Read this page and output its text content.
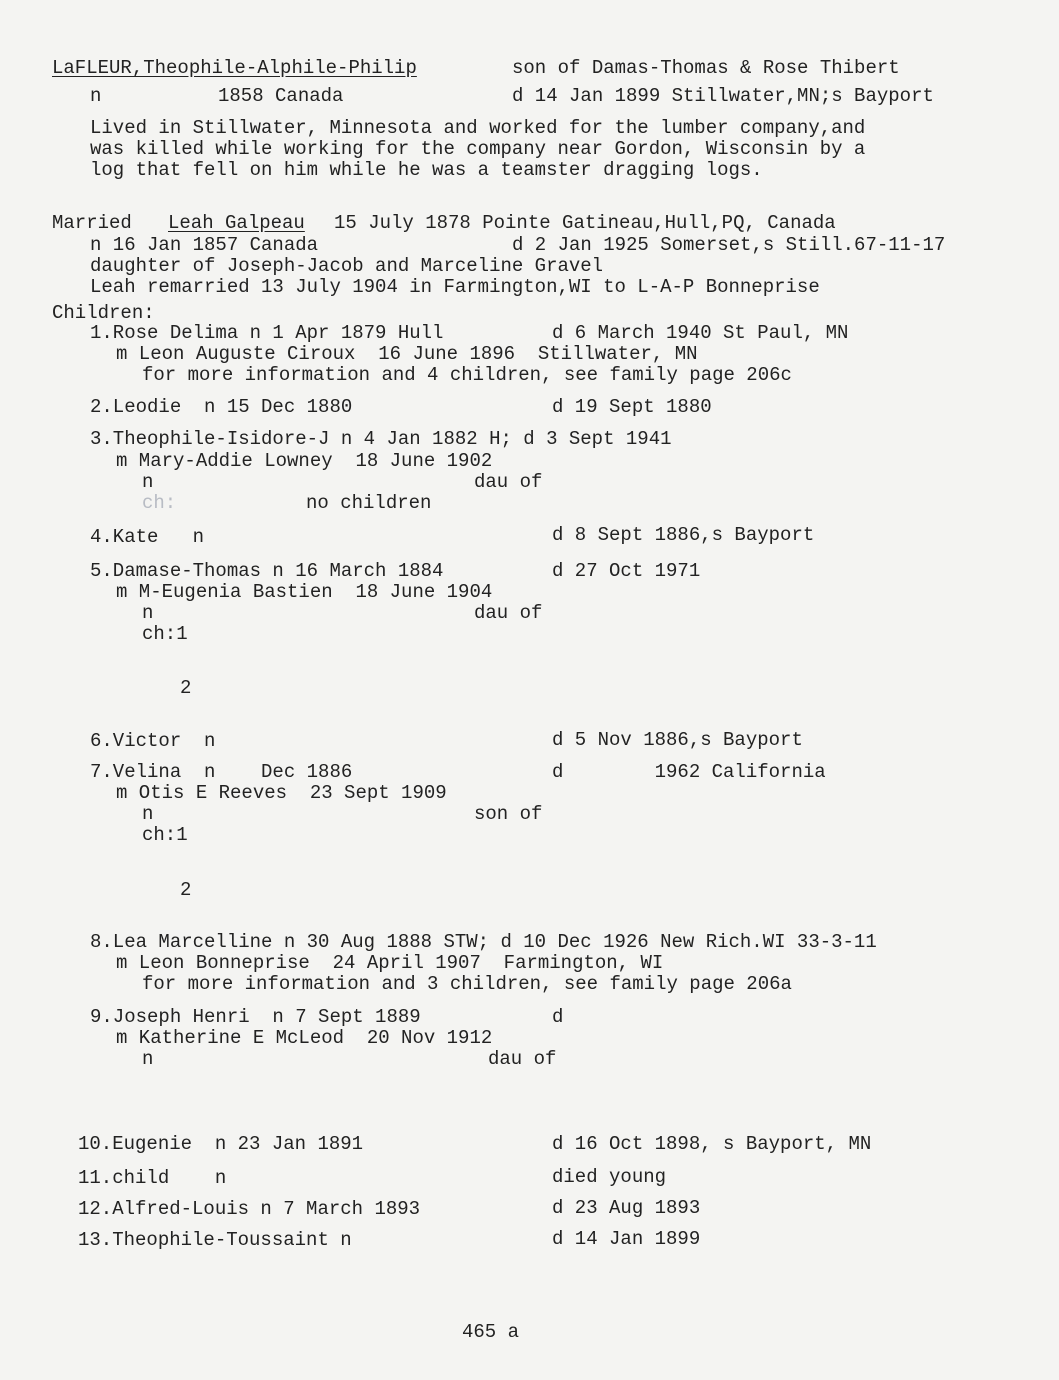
LaFLEUR,Theophile-Alphile-Philip	son of Damas-Thomas & Rose Thibert
n	1858 Canada	d 14 Jan 1899 Stillwater,MN;s Bayport
Lived in Stillwater, Minnesota and worked for the lumber company,and
was killed while working for the company near Gordon, Wisconsin by a
log that fell on him while he was a teamster dragging logs.
Married Leah Galpeau 15 July 1878 Pointe Gatineau,Hull,PQ, Canada
n 16 Jan 1857 Canada	d 2 Jan 1925 Somerset,s Still.67-11-17
daughter of Joseph-Jacob and Marceline Gravel
Leah remarried 13 July 1904 in Farmington,WI to L-A-P Bonneprise
Children:
1.Rose Delima n 1 Apr 1879 Hull	d 6 March 1940 St Paul, MN
m Leon Auguste Ciroux  16 June 1896  Stillwater, MN
for more information and 4 children, see family page 206c
2.Leodie  n 15 Dec 1880	d 19 Sept 1880
3.Theophile-Isidore-J n 4 Jan 1882 H; d 3 Sept 1941
m Mary-Addie Lowney  18 June 1902
n	dau of
ch:	no children
4.Kate   n	d 8 Sept 1886,s Bayport
5.Damase-Thomas n 16 March 1884	d 27 Oct 1971
m M-Eugenia Bastien  18 June 1904
n	dau of
ch:1
2
6.Victor  n	d 5 Nov 1886,s Bayport
7.Velina  n    Dec 1886	d        1962 California
m Otis E Reeves  23 Sept 1909
n	son of
ch:1
2
8.Lea Marcelline n 30 Aug 1888 STW; d 10 Dec 1926 New Rich.WI 33-3-11
m Leon Bonneprise  24 April 1907  Farmington, WI
for more information and 3 children, see family page 206a
9.Joseph Henri  n 7 Sept 1889	d
m Katherine E McLeod  20 Nov 1912
n	dau of
10.Eugenie  n 23 Jan 1891	d 16 Oct 1898, s Bayport, MN
11.child    n	died young
12.Alfred-Louis n 7 March 1893	d 23 Aug 1893
13.Theophile-Toussaint n	d 14 Jan 1899
465 a
